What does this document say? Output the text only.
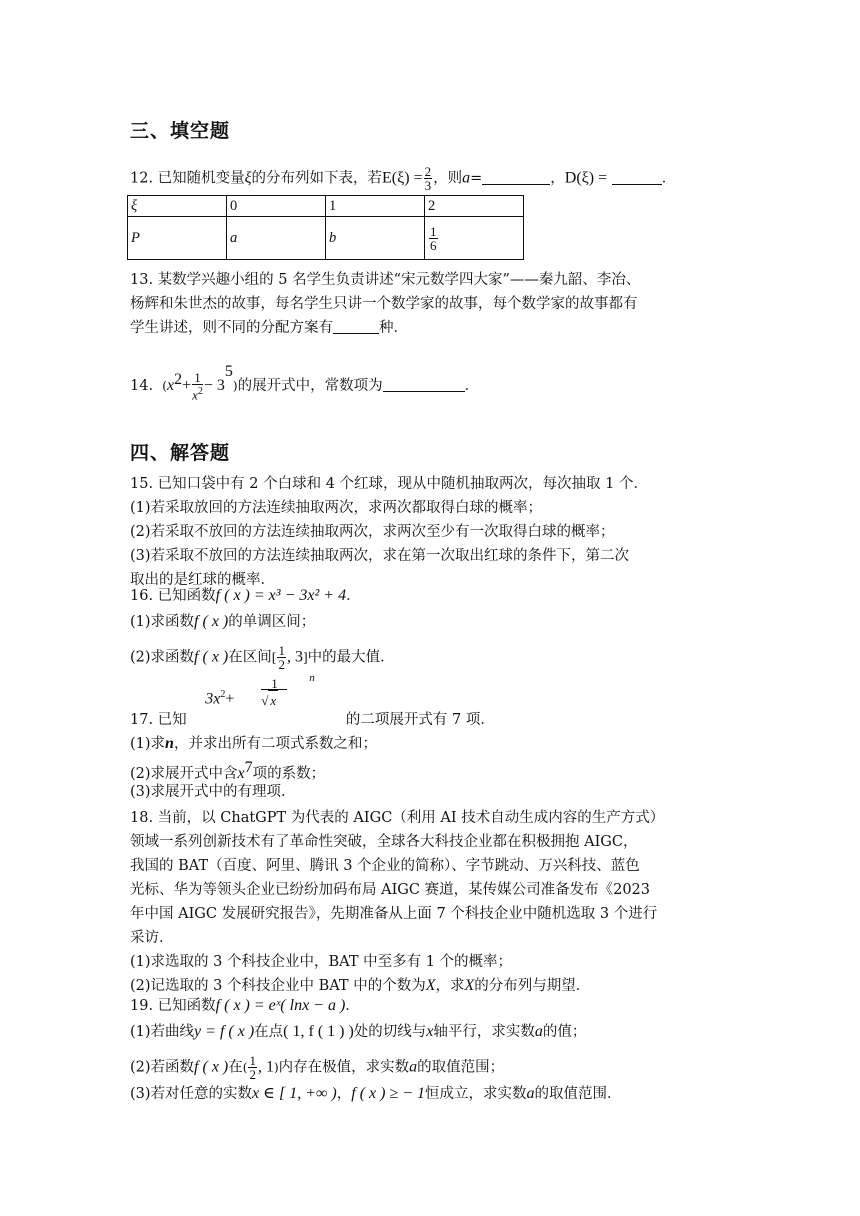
三、填空题
12. 已知随机变量ξ的分布列如下表，若$E(\xi) = \frac{2}{3}$ ，则a=	，D(ξ) =	．
ξ	0	1	2
P	a	b	$\frac{1}{6}$
13. 某数学兴趣小组的 5 名学生负责讲述“宋元数学四大家”——秦九韶、李冶、
杨辉和朱世杰的故事，每名学生只讲一个数学家的故事，每个数学家的故事都有
学生讲述，则不同的分配方案有	种．
14. $(x^2+ \frac{1}{x^2} - 3^5)$的展开式中，常数项为	．
四、解答题
15. 已知口袋中有 2 个白球和 4 个红球，现从中随机抽取两次，每次抽取 1 个．
(1)若采取放回的方法连续抽取两次，求两次都取得白球的概率；
(2)若采取不放回的方法连续抽取两次，求两次至少有一次取得白球的概率；
(3)若采取不放回的方法连续抽取两次，求在第一次取出红球的条件下，第二次
取出的是红球的概率．
16. 已知函数f ( x ) = x³ − 3x² + 4．
(1)求函数f ( x )的单调区间；
(2)求函数f ( x )在区间[ $\frac{1}{2}$ , 3]中的最大值．
17. 已知
$3x^2+$
1
√ x
n
的二项展开式有 7 项．
(1)求n，并求出所有二项式系数之和；
(2)求展开式中含$x^7$项的系数；
(3)求展开式中的有理项．
18. 当前，以 ChatGPT 为代表的 AIGC（利用 AI 技术自动生成内容的生产方式）
领域一系列创新技术有了革命性突破，全球各大科技企业都在积极拥抱 AIGC，
我国的 BAT（百度、阿里、腾讯 3 个企业的简称）、字节跳动、万兴科技、蓝色
光标、华为等领头企业已纷纷加码布局 AIGC 赛道，某传媒公司准备发布《2023
年中国 AIGC 发展研究报告》，先期准备从上面 7 个科技企业中随机选取 3 个进行
采访．
(1)求选取的 3 个科技企业中，BAT 中至多有 1 个的概率；
(2)记选取的 3 个科技企业中 BAT 中的个数为X，求X的分布列与期望．
19. 已知函数f ( x ) = eˣ( lnx − a )．
(1)若曲线y = f ( x )在点( 1, f ( 1 ) )处的切线与x轴平行，求实数a的值；
(2)若函数f ( x )在( $\frac{1}{2}$ , 1)内存在极值，求实数a的取值范围；
(3)若对任意的实数x ∈ [ 1, +∞ )，f ( x ) ≥ − 1恒成立，求实数a的取值范围．
